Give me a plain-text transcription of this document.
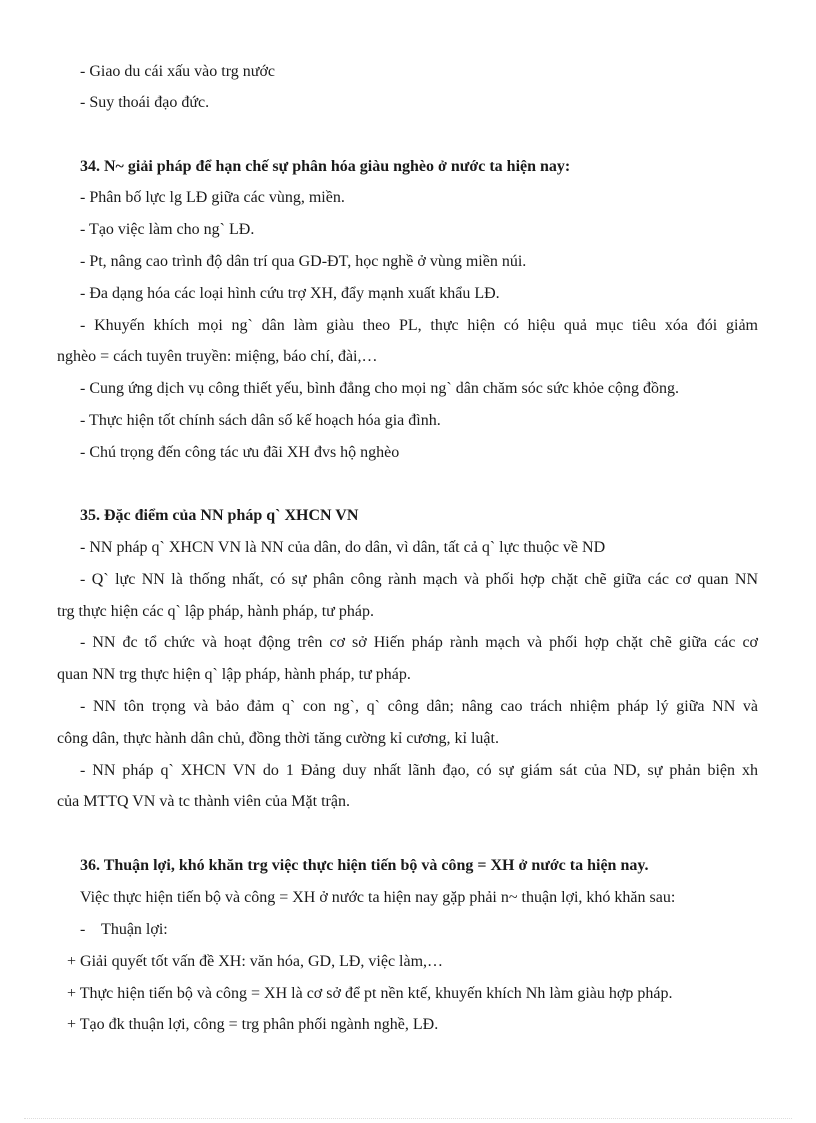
- Giao du cái xấu vào trg nước
- Suy thoái đạo đức.
34. N~ giải pháp để hạn chế sự phân hóa giàu nghèo ở nước ta hiện nay:
- Phân bố lực lg LĐ giữa các vùng, miền.
- Tạo việc làm cho ng` LĐ.
- Pt, nâng cao trình độ dân trí qua GD-ĐT, học nghề ở vùng miền núi.
- Đa dạng hóa các loại hình cứu trợ XH, đẩy mạnh xuất khẩu LĐ.
- Khuyến khích mọi ng` dân làm giàu theo PL, thực hiện có hiệu quả mục tiêu xóa đói giảm
nghèo = cách tuyên truyền: miệng, báo chí, đài,…
- Cung ứng dịch vụ công thiết yếu, bình đẳng cho mọi ng` dân chăm sóc sức khỏe cộng đồng.
- Thực hiện tốt chính sách dân số kế hoạch hóa gia đình.
- Chú trọng đến công tác ưu đãi XH đvs hộ nghèo
35. Đặc điểm của NN pháp q` XHCN VN
- NN pháp q` XHCN VN là NN của dân, do dân, vì dân, tất cả q` lực thuộc về ND
- Q` lực NN là thống nhất, có sự phân công rành mạch và phối hợp chặt chẽ giữa các cơ quan NN
trg thực hiện các q` lập pháp, hành pháp, tư pháp.
- NN đc tổ chức và hoạt động trên cơ sở Hiến pháp rành mạch và phối hợp chặt chẽ giữa các cơ
quan NN trg thực hiện q` lập pháp, hành pháp, tư pháp.
- NN tôn trọng và bảo đảm q` con ng`, q` công dân; nâng cao trách nhiệm pháp lý giữa NN và
công dân, thực hành dân chủ, đồng thời tăng cường kỉ cương, kỉ luật.
- NN pháp q` XHCN VN do 1 Đảng duy nhất lãnh đạo, có sự giám sát của ND, sự phản biện xh
của MTTQ VN và tc thành viên của Mặt trận.
36. Thuận lợi, khó khăn trg việc thực hiện tiến bộ và công = XH ở nước ta hiện nay.
Việc thực hiện tiến bộ và công = XH ở nước ta hiện nay gặp phải n~ thuận lợi, khó khăn sau:
-    Thuận lợi:
+ Giải quyết tốt vấn đề XH: văn hóa, GD, LĐ, việc làm,…
+ Thực hiện tiến bộ và công = XH là cơ sở để pt nền ktế, khuyến khích Nh làm giàu hợp pháp.
+ Tạo đk thuận lợi, công = trg phân phối ngành nghề, LĐ.
